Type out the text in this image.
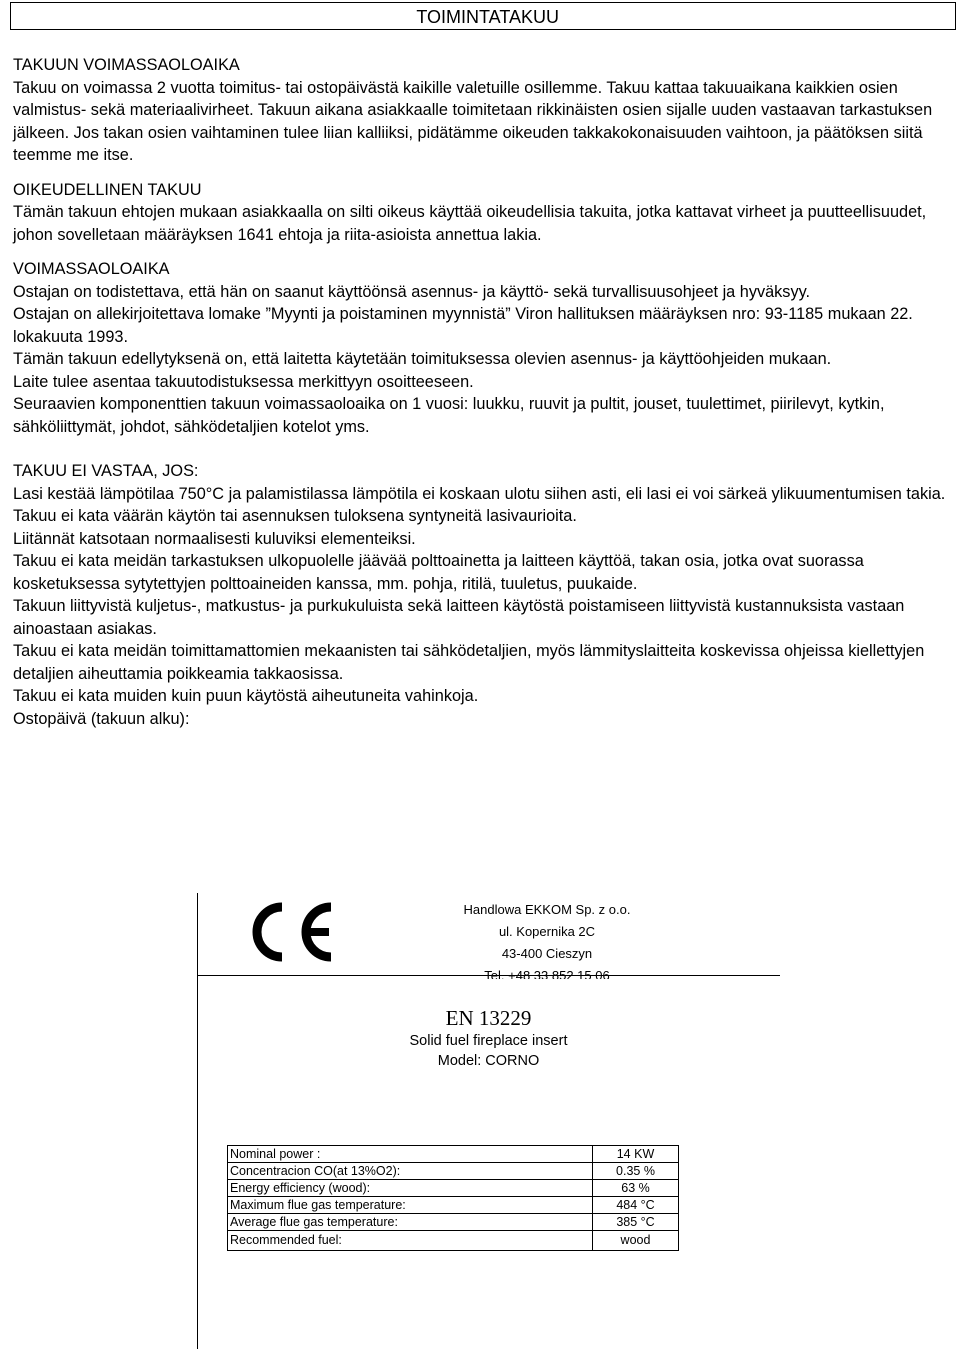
TOIMINTATAKUU

TAKUUN VOIMASSAOLOAIKA

Takuu on voimassa 2 vuotta toimitus- tai ostopäivästä kaikille valetuille osillemme. Takuu kattaa takuuaikana kaikkien osien valmistus- sekä materiaalivirheet. Takuun aikana asiakkaalle toimitetaan rikkinäisten osien sijalle uuden vastaavan tarkastuksen jälkeen. Jos takan osien vaihtaminen tulee liian kalliiksi, pidätämme oikeuden takkakokonaisuuden vaihtoon, ja päätöksen siitä teemme me itse.

OIKEUDELLINEN TAKUU

Tämän takuun ehtojen mukaan asiakkaalla on silti oikeus käyttää oikeudellisia takuita, jotka kattavat virheet ja puutteellisuudet, johon sovelletaan määräyksen 1641 ehtoja ja riita-asioista annettua lakia.

VOIMASSAOLOAIKA

Ostajan on todistettava, että hän on saanut käyttöönsä asennus- ja käyttö- sekä turvallisuusohjeet ja hyväksyy.

Ostajan on allekirjoitettava lomake ”Myynti ja poistaminen myynnistä” Viron hallituksen määräyksen nro: 93-1185 mukaan 22. lokakuuta 1993.

Tämän takuun edellytyksenä on, että laitetta käytetään toimituksessa olevien asennus- ja käyttöohjeiden mukaan.

Laite tulee asentaa takuutodistuksessa merkittyyn osoitteeseen.

Seuraavien komponenttien takuun voimassaoloaika on 1 vuosi: luukku, ruuvit ja pultit, jouset, tuulettimet, piirilevyt, kytkin, sähköliittymät, johdot, sähködetaljien kotelot yms.

TAKUU EI VASTAA, JOS:

Lasi kestää lämpötilaa 750°C ja palamistilassa lämpötila ei koskaan ulotu siihen asti, eli lasi ei voi särkeä ylikuumentumisen takia. Takuu ei kata väärän käytön tai asennuksen tuloksena syntyneitä lasivaurioita.

Liitännät katsotaan normaalisesti kuluviksi elementeiksi.

Takuu ei kata meidän tarkastuksen ulkopuolelle jäävää polttoainetta ja laitteen käyttöä, takan osia, jotka ovat suorassa kosketuksessa sytytettyjen polttoaineiden kanssa, mm. pohja, ritilä, tuuletus, puukaide.

Takuun liittyvistä kuljetus-, matkustus- ja purkukuluista sekä laitteen käytöstä poistamiseen liittyvistä kustannuksista vastaan ainoastaan asiakas.

Takuu ei kata meidän toimittamattomien mekaanisten tai sähködetaljien, myös lämmityslaitteita koskevissa ohjeissa kiellettyjen detaljien aiheuttamia poikkeamia takkaosissa.

Takuu ei kata muiden kuin puun käytöstä aiheutuneita vahinkoja.

Ostopäivä (takuun alku):

Handlowa EKKOM Sp. z o.o.
ul. Kopernika 2C
43-400 Cieszyn
Tel. +48 33 852 15 06
EN 13229
Solid fuel fireplace insert
Model: CORNO
Nominal power :	14 KW
Concentracion CO(at 13%O2):	0.35 %
Energy efficiency (wood):	63 %
Maximum flue gas temperature:	484 °C
Average flue gas temperature:	385 °C
Recommended fuel:	wood
